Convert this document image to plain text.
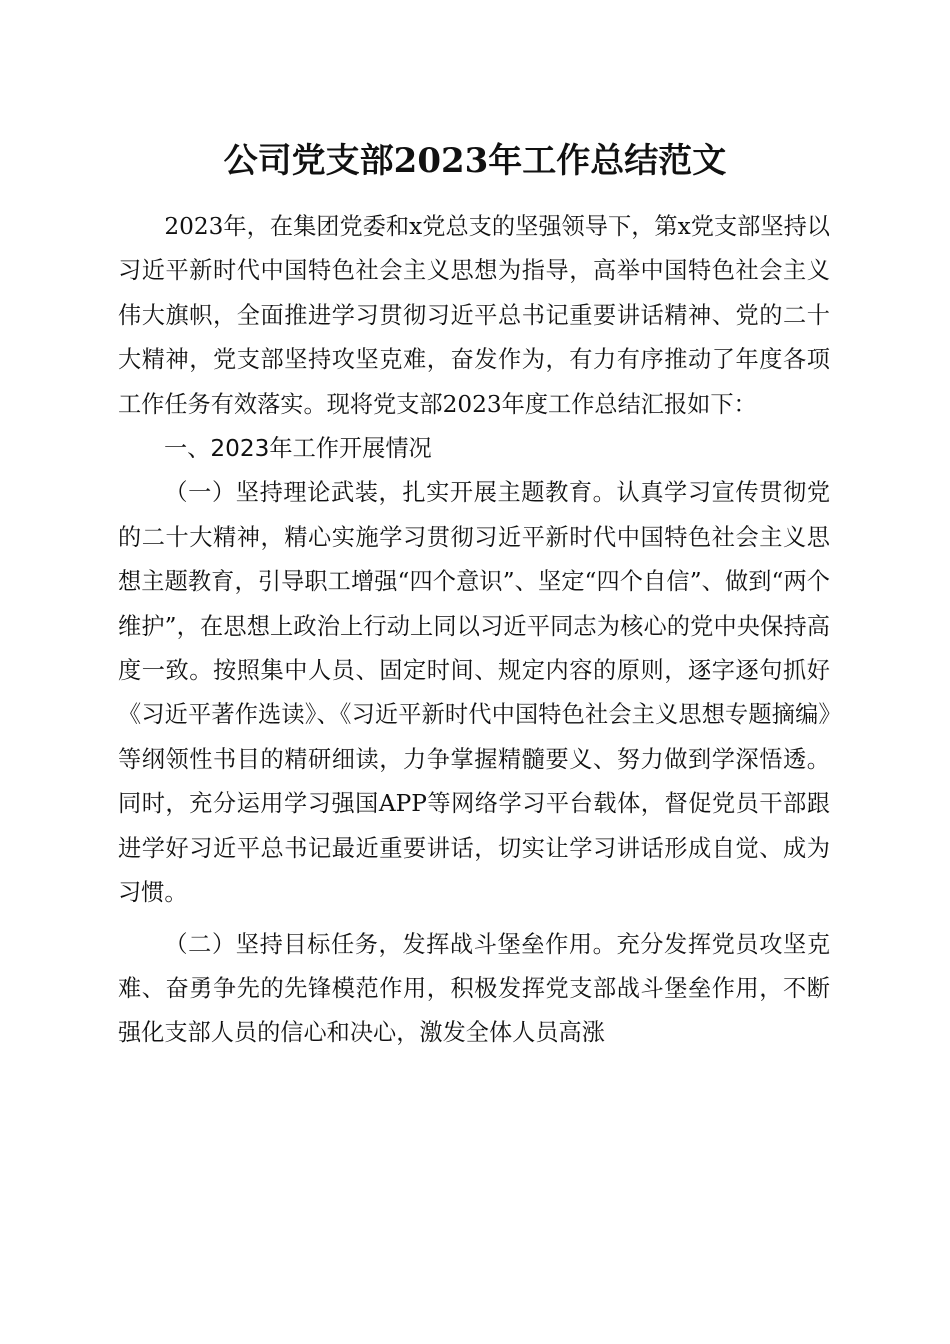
公司党支部2023年工作总结范文

2023年，在集团党委和x党总支的坚强领导下，第x党支部坚持以习近平新时代中国特色社会主义思想为指导，高举中国特色社会主义伟大旗帜，全面推进学习贯彻习近平总书记重要讲话精神、党的二十大精神，党支部坚持攻坚克难，奋发作为，有力有序推动了年度各项工作任务有效落实。现将党支部2023年度工作总结汇报如下：

一、2023年工作开展情况

（一）坚持理论武装，扎实开展主题教育。认真学习宣传贯彻党的二十大精神，精心实施学习贯彻习近平新时代中国特色社会主义思想主题教育，引导职工增强“四个意识”、坚定“四个自信”、做到“两个维护”，在思想上政治上行动上同以习近平同志为核心的党中央保持高度一致。按照集中人员、固定时间、规定内容的原则，逐字逐句抓好《习近平著作选读》、《习近平新时代中国特色社会主义思想专题摘编》等纲领性书目的精研细读，力争掌握精髓要义、努力做到学深悟透。同时，充分运用学习强国APP等网络学习平台载体，督促党员干部跟进学好习近平总书记最近重要讲话，切实让学习讲话形成自觉、成为习惯。

（二）坚持目标任务，发挥战斗堡垒作用。充分发挥党员攻坚克难、奋勇争先的先锋模范作用，积极发挥党支部战斗堡垒作用，不断强化支部人员的信心和决心，激发全体人员高涨
